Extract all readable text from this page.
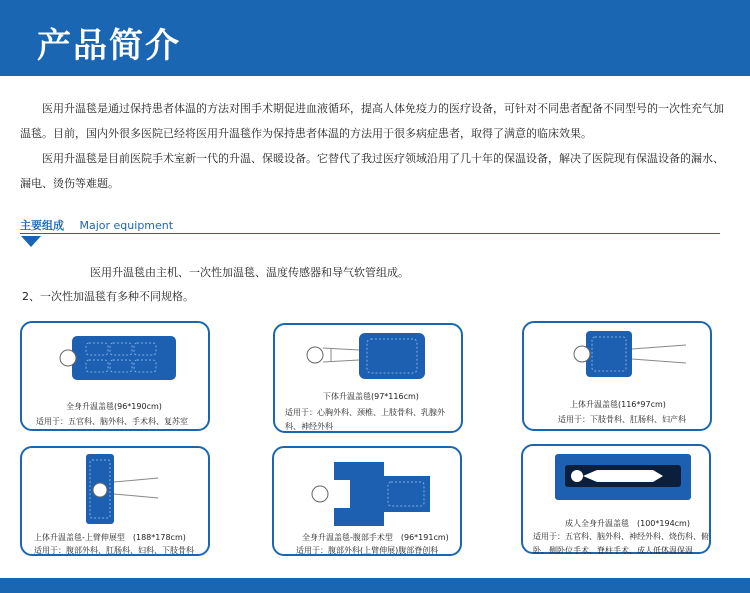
产品简介

医用升温毯是通过保持患者体温的方法对围手术期促进血液循环，提高人体免疫力的医疗设备，可针对不同患者配备不同型号的一次性充气加温毯。目前，国内外很多医院已经将医用升温毯作为保持患者体温的方法用于很多病症患者，取得了满意的临床效果。

医用升温毯是目前医院手术室新一代的升温、保暖设备。它替代了我过医疗领域沿用了几十年的保温设备，解决了医院现有保温设备的漏水、漏电、烫伤等难题。

主要组成 Major equipment
医用升温毯由主机、一次性加温毯、温度传感器和导气软管组成。
2、一次性加温毯有多种不同规格。
全身升温盖毯(96*190cm)
适用于：五官科、脑外科、手术科、复苏室
下体升温盖毯(97*116cm)
适用于：心胸外科、颈椎、上肢骨科、乳腺外科、神经外科
上体升温盖毯(116*97cm)
适用于：下肢骨科、肛肠科、妇产科
上体升温盖毯-上臂伸展型　(188*178cm)
适用于：腹部外科、肛肠科、妇科、下肢骨科
全身升温盖毯-腹部手术型　(96*191cm)
适用于：腹部外科(上臂伸展)腹部脊创科
成人全身升温盖毯　(100*194cm)
适用于：五官科、脑外科、神经外科、烧伤科、俯卧、侧卧位手术、脊柱手术、成人低体温保温
